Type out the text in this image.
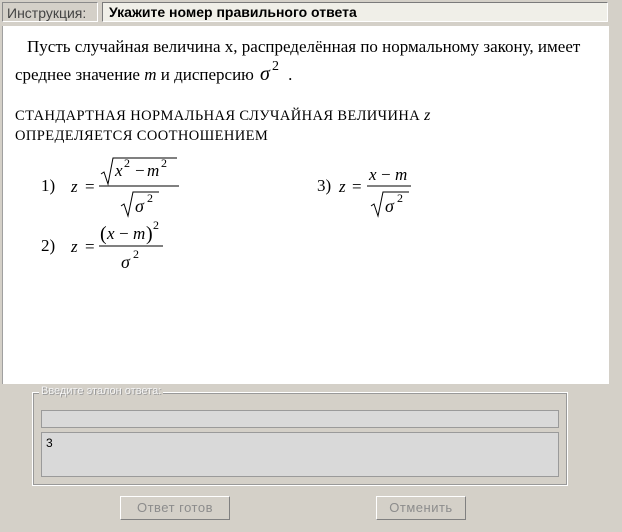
Инструкция:	Укажите номер правильного ответа
Пусть случайная величина x, распределённая по нормальному закону, имеет среднее значение m и дисперсию σ 2 .
СТАНДАРТНАЯ НОРМАЛЬНАЯ СЛУЧАЙНАЯ ВЕЛИЧИНА z
ОПРЕДЕЛЯЕТСЯ СООТНОШЕНИЕМ
1) z =
x 2 − m 2
σ 2
2) z =
( x − m ) 2
σ 2
3) z =
x − m
σ 2
Введите эталон ответа:
3
Ответ готов	Отменить
